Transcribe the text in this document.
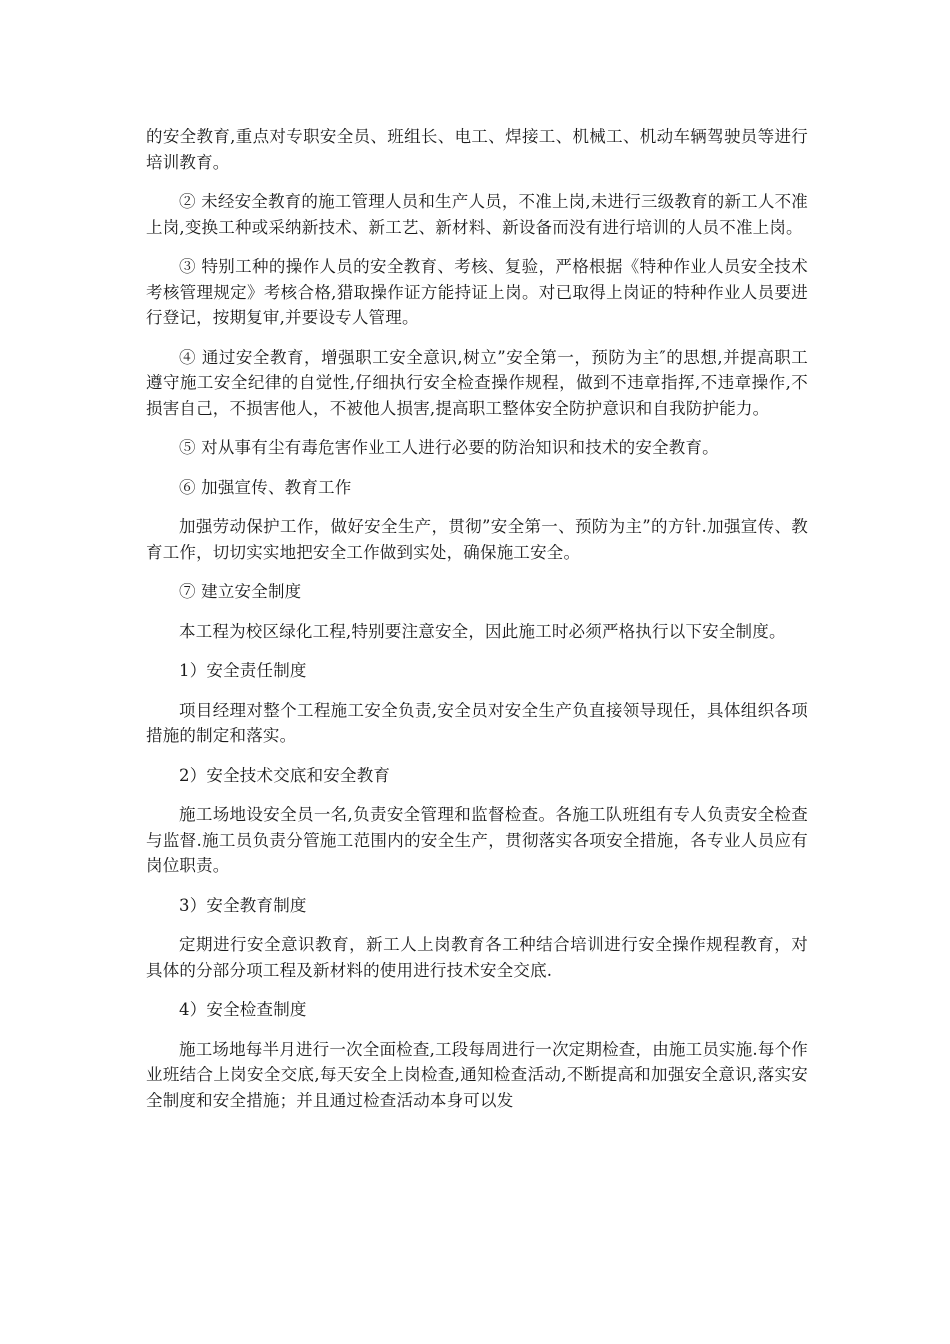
的安全教育,重点对专职安全员、班组长、电工、焊接工、机械工、机动车辆驾驶员等进行培训教育。

② 未经安全教育的施工管理人员和生产人员，不准上岗,未进行三级教育的新工人不准上岗,变换工种或采纳新技术、新工艺、新材料、新设备而没有进行培训的人员不准上岗。

③ 特别工种的操作人员的安全教育、考核、复验，严格根据《特种作业人员安全技术考核管理规定》考核合格,猎取操作证方能持证上岗。对已取得上岗证的特种作业人员要进行登记，按期复审,并要设专人管理。

④ 通过安全教育，增强职工安全意识,树立”安全第一，预防为主″的思想,并提高职工遵守施工安全纪律的自觉性,仔细执行安全检查操作规程，做到不违章指挥,不违章操作,不损害自己，不损害他人，不被他人损害,提高职工整体安全防护意识和自我防护能力。

⑤ 对从事有尘有毒危害作业工人进行必要的防治知识和技术的安全教育。

⑥ 加强宣传、教育工作

加强劳动保护工作，做好安全生产，贯彻”安全第一、预防为主”的方针.加强宣传、教育工作，切切实实地把安全工作做到实处，确保施工安全。

⑦ 建立安全制度

本工程为校区绿化工程,特别要注意安全，因此施工时必须严格执行以下安全制度。

1）安全责任制度

项目经理对整个工程施工安全负责,安全员对安全生产负直接领导现任，具体组织各项措施的制定和落实。

2）安全技术交底和安全教育

施工场地设安全员一名,负责安全管理和监督检查。各施工队班组有专人负责安全检查与监督.施工员负责分管施工范围内的安全生产，贯彻落实各项安全措施，各专业人员应有岗位职责。

3）安全教育制度

定期进行安全意识教育，新工人上岗教育各工种结合培训进行安全操作规程教育，对具体的分部分项工程及新材料的使用进行技术安全交底.

4）安全检查制度

施工场地每半月进行一次全面检查,工段每周进行一次定期检查，由施工员实施.每个作业班结合上岗安全交底,每天安全上岗检查,通知检查活动,不断提高和加强安全意识,落实安全制度和安全措施；并且通过检查活动本身可以发
